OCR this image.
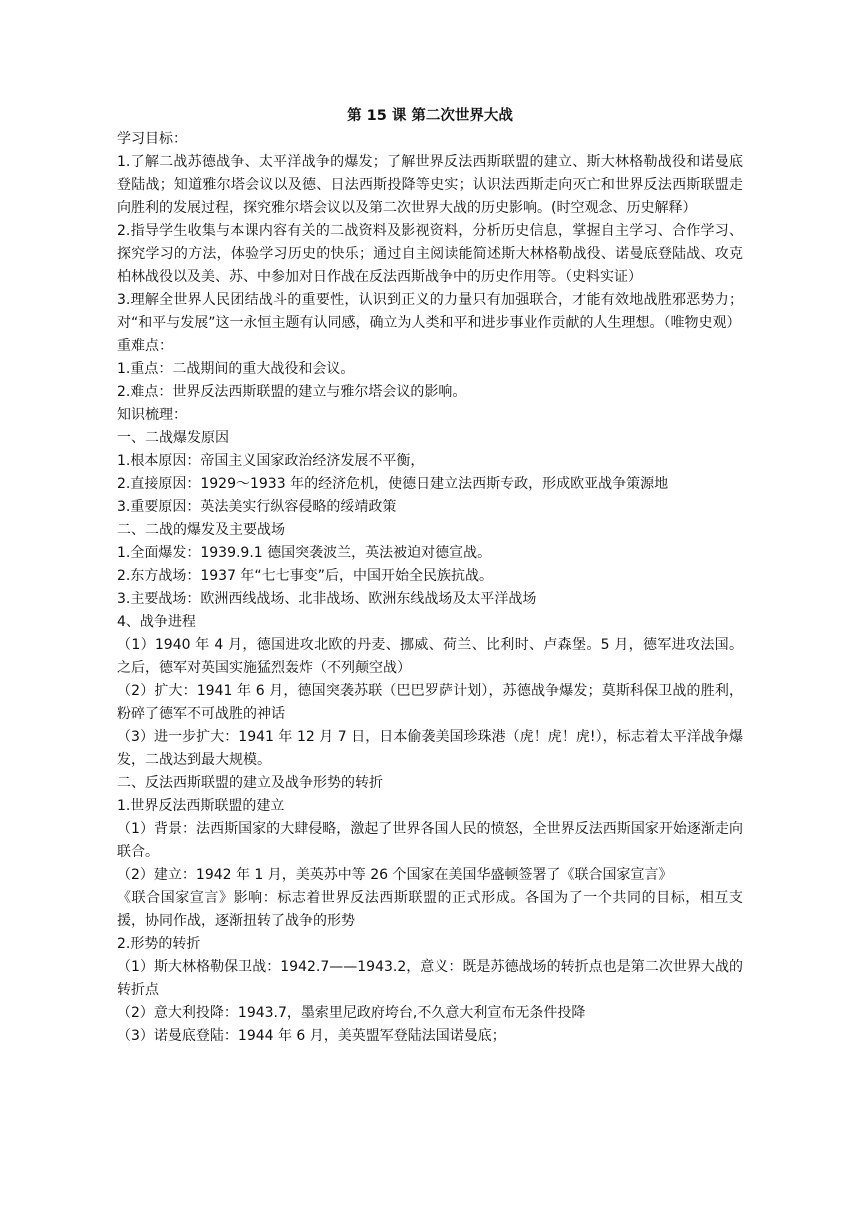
第 15 课 第二次世界大战

学习目标：

1.了解二战苏德战争、太平洋战争的爆发；了解世界反法西斯联盟的建立、斯大林格勒战役和诺曼底登陆战；知道雅尔塔会议以及德、日法西斯投降等史实；认识法西斯走向灭亡和世界反法西斯联盟走向胜利的发展过程，探究雅尔塔会议以及第二次世界大战的历史影响。(时空观念、历史解释）

2.指导学生收集与本课内容有关的二战资料及影视资料，分析历史信息，掌握自主学习、合作学习、探究学习的方法，体验学习历史的快乐；通过自主阅读能简述斯大林格勒战役、诺曼底登陆战、攻克柏林战役以及美、苏、中参加对日作战在反法西斯战争中的历史作用等。（史料实证）

3.理解全世界人民团结战斗的重要性，认识到正义的力量只有加强联合，才能有效地战胜邪恶势力；对“和平与发展”这一永恒主题有认同感，确立为人类和平和进步事业作贡献的人生理想。（唯物史观）

重难点：

1.重点：二战期间的重大战役和会议。

2.难点：世界反法西斯联盟的建立与雅尔塔会议的影响。

知识梳理：

一、二战爆发原因

1.根本原因：帝国主义国家政治经济发展不平衡，

2.直接原因：1929～1933 年的经济危机，使德日建立法西斯专政，形成欧亚战争策源地

3.重要原因：英法美实行纵容侵略的绥靖政策

二、二战的爆发及主要战场

1.全面爆发：1939.9.1 德国突袭波兰，英法被迫对德宣战。

2.东方战场：1937 年“七七事变”后，中国开始全民族抗战。

3.主要战场：欧洲西线战场、北非战场、欧洲东线战场及太平洋战场

4、战争进程

（1）1940 年 4 月，德国进攻北欧的丹麦、挪威、荷兰、比利时、卢森堡。5 月，德军进攻法国。之后，德军对英国实施猛烈轰炸（不列颠空战）

（2）扩大：1941 年 6 月，德国突袭苏联（巴巴罗萨计划），苏德战争爆发；莫斯科保卫战的胜利，粉碎了德军不可战胜的神话

（3）进一步扩大：1941 年 12 月 7 日，日本偷袭美国珍珠港（虎！虎！虎!），标志着太平洋战争爆发，二战达到最大规模。

二、反法西斯联盟的建立及战争形势的转折

1.世界反法西斯联盟的建立

（1）背景：法西斯国家的大肆侵略，激起了世界各国人民的愤怒，全世界反法西斯国家开始逐渐走向联合。

（2）建立：1942 年 1 月，美英苏中等 26 个国家在美国华盛顿签署了《联合国家宣言》

《联合国家宣言》影响：标志着世界反法西斯联盟的正式形成。各国为了一个共同的目标，相互支援，协同作战，逐渐扭转了战争的形势

2.形势的转折

（1）斯大林格勒保卫战：1942.7——1943.2，意义：既是苏德战场的转折点也是第二次世界大战的转折点

（2）意大利投降：1943.7，墨索里尼政府垮台,不久意大利宣布无条件投降

（3）诺曼底登陆：1944 年 6 月，美英盟军登陆法国诺曼底；
